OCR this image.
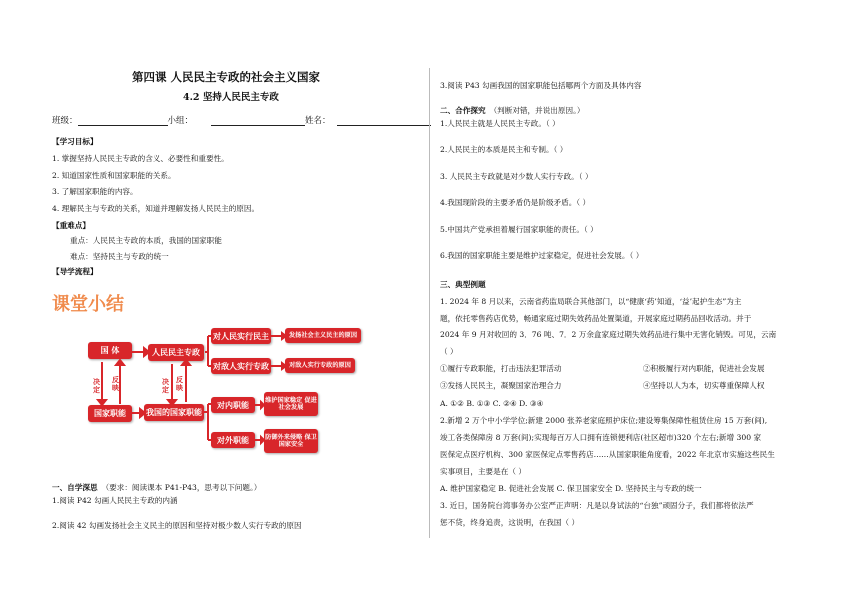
第四课 人民民主专政的社会主义国家
4.2 坚持人民民主专政
班级：	小组：	姓名：
【学习目标】
1. 掌握坚持人民民主专政的含义、必要性和重要性。
2. 知道国家性质和国家职能的关系。
3. 了解国家职能的内容。
4. 理解民主与专政的关系，知道并理解发扬人民民主的原因。
【重难点】
重点：人民民主专政的本质，我国的国家职能
难点：坚持民主与专政的统一
【导学流程】
课堂小结
国 体
国家职能
人民民主专政
我国的国家职能
对人民实行民主
对敌人实行专政
对内职能
对外职能
发扬社会主义民主的原因
对敌人实行专政的原因
维护国家稳定 促进社会发展
防御外来侵略 保卫国家安全
决定
反映
决定
反映
一、自学深思 （要求：阅读课本 P41-P43，思考以下问题。）
1.阅读 P42 勾画人民民主专政的内涵
2.阅读 42 勾画发扬社会主义民主的原因和坚持对极少数人实行专政的原因
3.阅读 P43 勾画我国的国家职能包括哪两个方面及具体内容
二、合作探究 （判断对错，并说出原因。）
1.人民民主就是人民民主专政。（ ）
2.人民民主的本质是民主和专制。（ ）
3. 人民民主专政就是对少数人实行专政。（ ）
4.我国现阶段的主要矛盾仍是阶级矛盾。（ ）
5.中国共产党承担着履行国家职能的责任。（ ）
6.我国的国家职能主要是维护过家稳定，促进社会发展。（ ）
三、典型例题
1. 2024 年 8 月以来，云南省药监局联合其他部门，以“健康‘药’知道，‘益’起护生态”为主
题，依托零售药店优势，畅通家庭过期失效药品处置渠道，开展家庭过期药品回收活动。并于
2024 年 9 月对收回的 3．76 吨、7．2 万余盒家庭过期失效药品进行集中无害化销毁。可见，云南
（ ）
①履行专政职能，打击违法犯罪活动	②积极履行对内职能，促进社会发展
③发扬人民民主，凝聚国家治理合力	④坚持以人为本，切实尊重保障人权
A. ①② B. ①③ C. ②④ D. ③④
2.新增 2 万个中小学学位;新建 2000 张养老家庭照护床位;建设筹集保障性租赁住房 15 万套(间),
竣工各类保障房 8 万套(间);实现每百万人口拥有连锁便利店(社区超市)320 个左右;新增 300 家
医保定点医疗机构、300 家医保定点零售药店……从国家职能角度看，2022 年北京市实施这些民生
实事项目，主要是在（ ）
A. 维护国家稳定 B. 促进社会发展 C. 保卫国家安全 D. 坚持民主与专政的统一
3. 近日，国务院台湾事务办公室严正声明：凡是以身试法的“台独”顽固分子，我们都将依法严
惩不贷，终身追责，这说明，在我国（ ）
